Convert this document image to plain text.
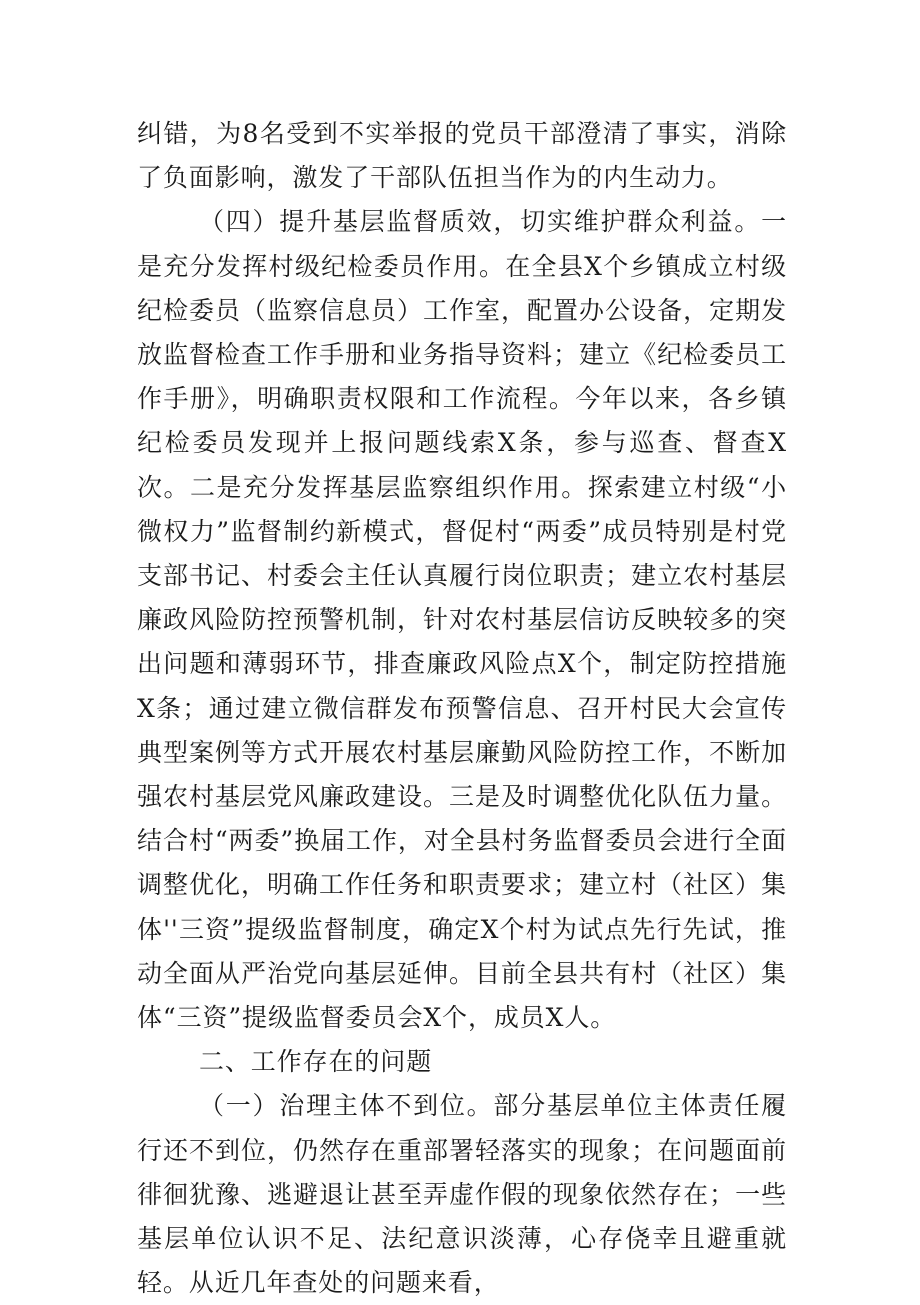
纠错，为8名受到不实举报的党员干部澄清了事实，消除了负面影响，激发了干部队伍担当作为的内生动力。

（四）提升基层监督质效，切实维护群众利益。一是充分发挥村级纪检委员作用。在全县X个乡镇成立村级纪检委员（监察信息员）工作室，配置办公设备，定期发放监督检查工作手册和业务指导资料；建立《纪检委员工作手册》，明确职责权限和工作流程。今年以来，各乡镇纪检委员发现并上报问题线索X条，参与巡查、督查X次。二是充分发挥基层监察组织作用。探索建立村级“小微权力”监督制约新模式，督促村“两委”成员特别是村党支部书记、村委会主任认真履行岗位职责；建立农村基层廉政风险防控预警机制，针对农村基层信访反映较多的突出问题和薄弱环节，排查廉政风险点X个，制定防控措施X条；通过建立微信群发布预警信息、召开村民大会宣传典型案例等方式开展农村基层廉勤风险防控工作，不断加强农村基层党风廉政建设。三是及时调整优化队伍力量。结合村“两委”换届工作，对全县村务监督委员会进行全面调整优化，明确工作任务和职责要求；建立村（社区）集体''三资”提级监督制度，确定X个村为试点先行先试，推动全面从严治党向基层延伸。目前全县共有村（社区）集体“三资”提级监督委员会X个，成员X人。

二、工作存在的问题

（一）治理主体不到位。部分基层单位主体责任履行还不到位，仍然存在重部署轻落实的现象；在问题面前徘徊犹豫、逃避退让甚至弄虚作假的现象依然存在；一些基层单位认识不足、法纪意识淡薄，心存侥幸且避重就轻。从近几年查处的问题来看，
